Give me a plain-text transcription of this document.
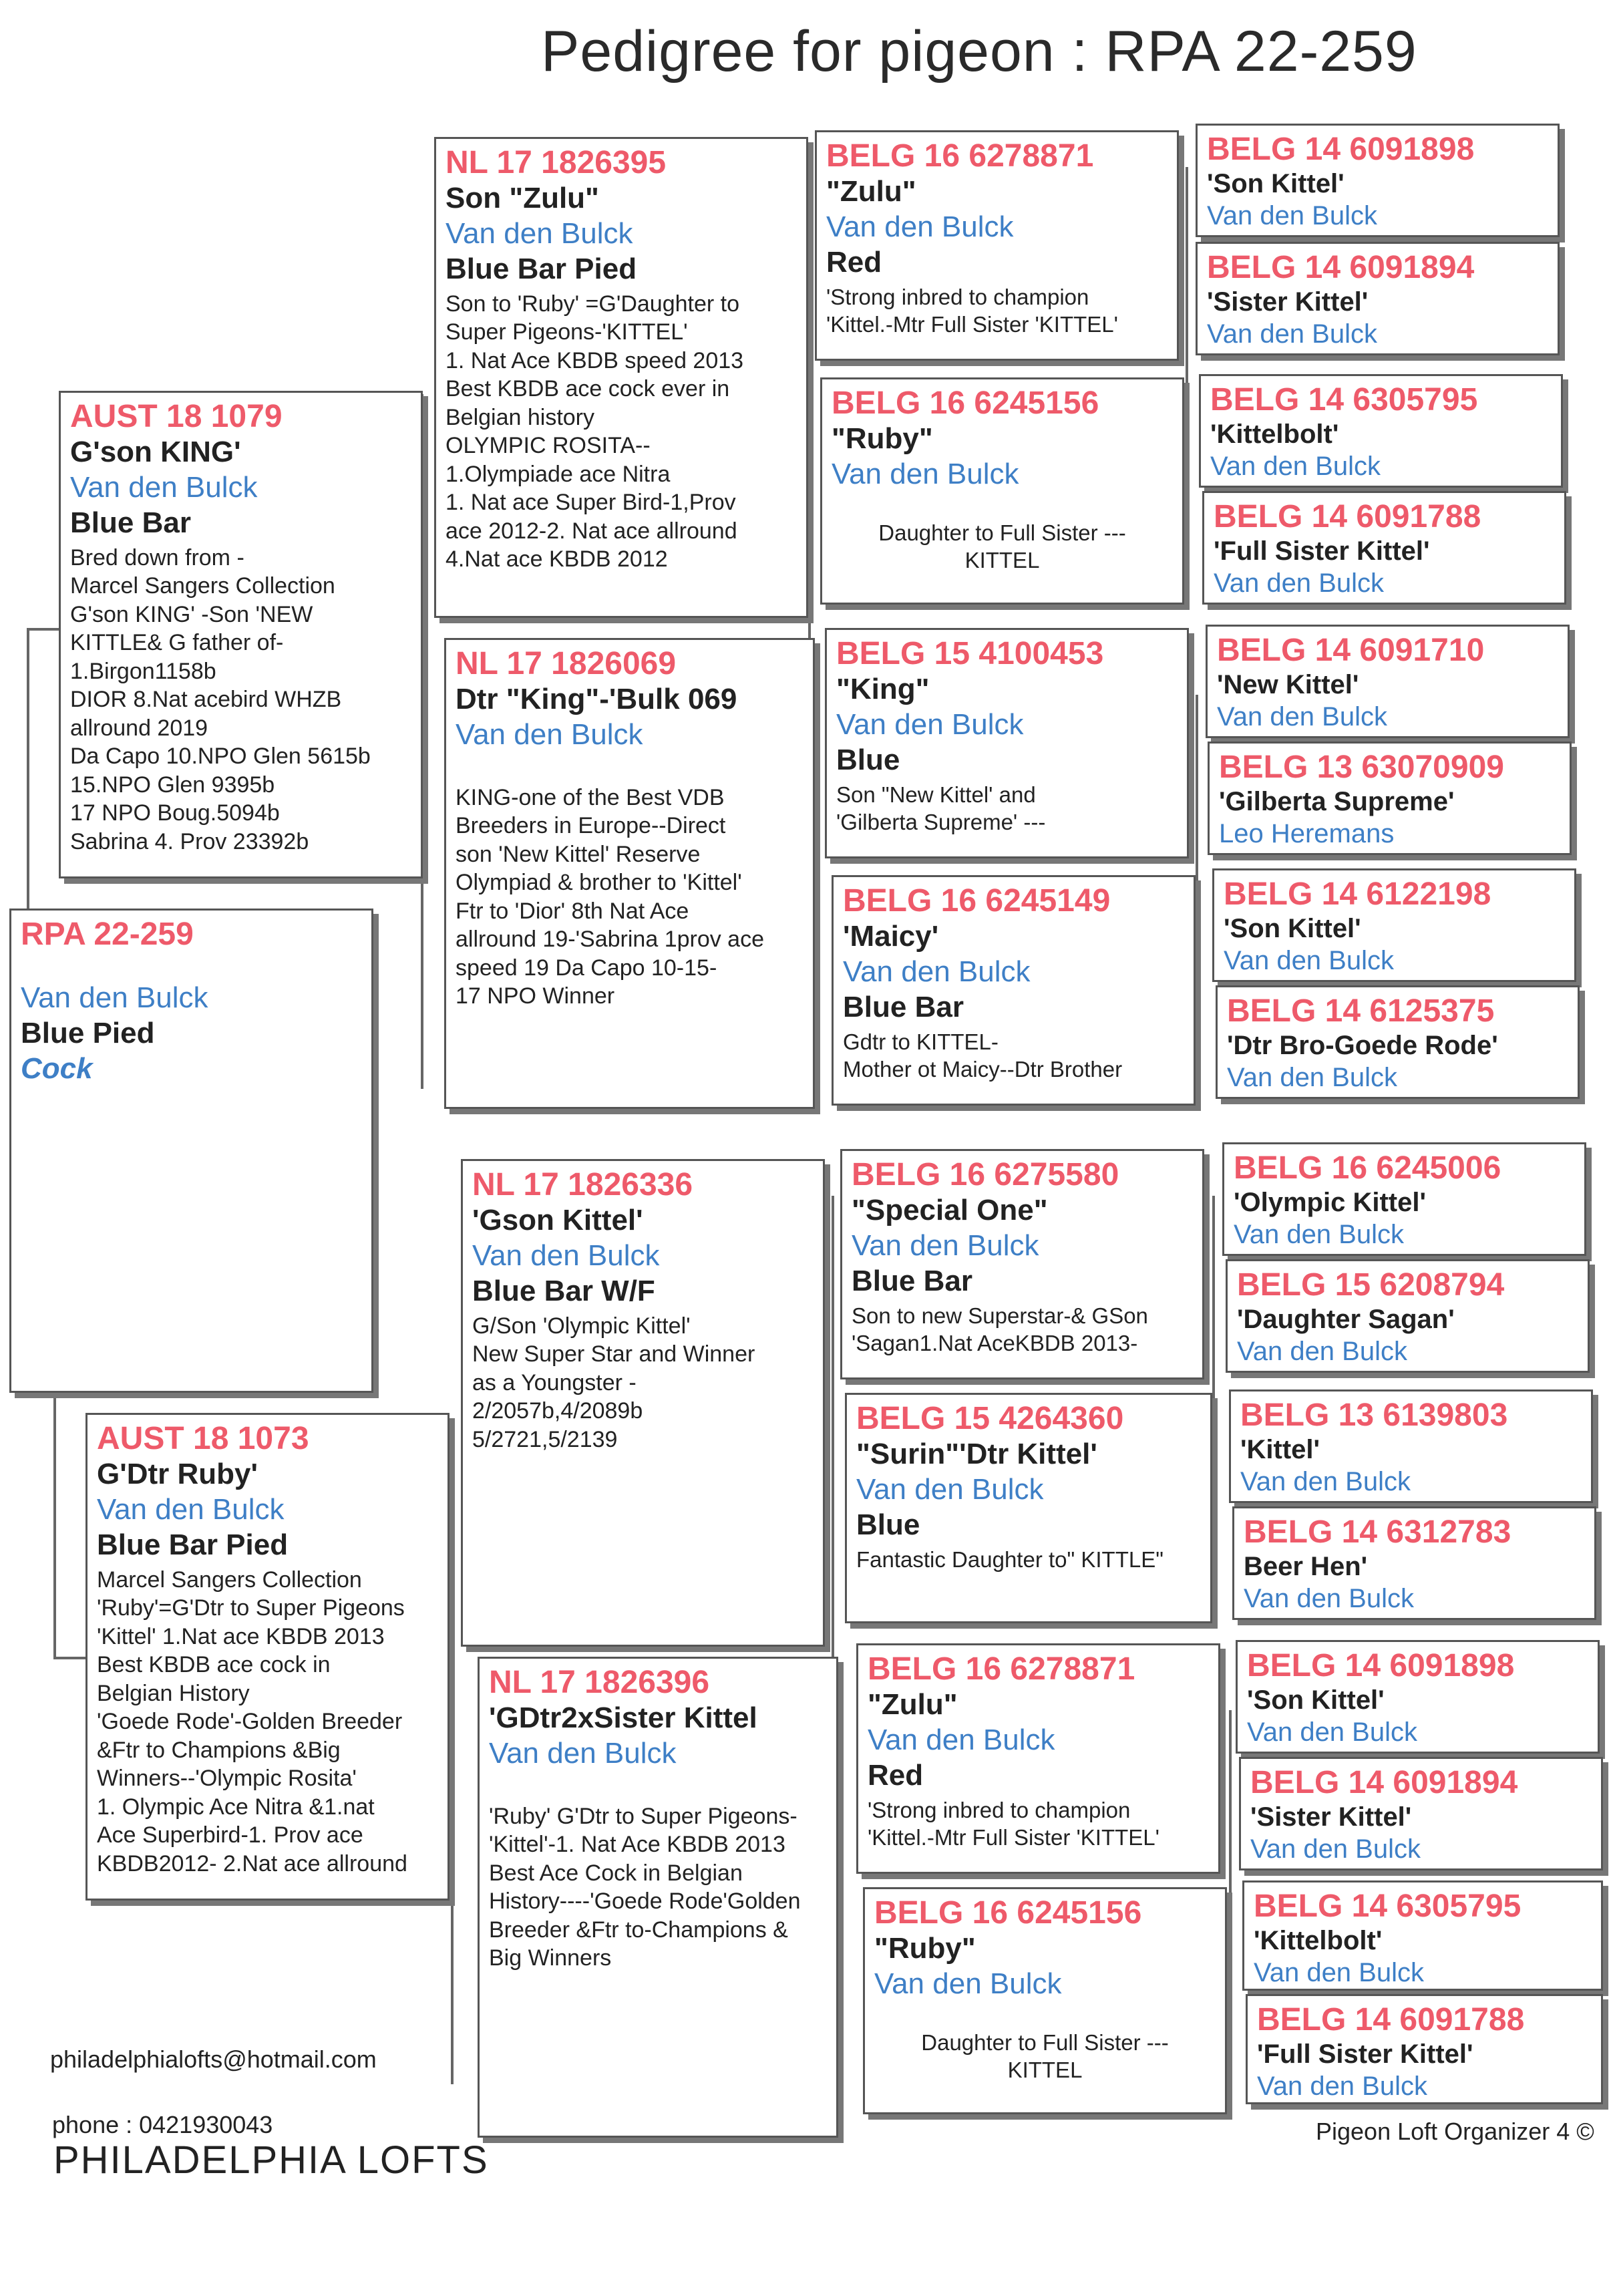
Pedigree for pigeon : RPA 22-259
RPA 22-259
Van den Bulck
Blue Pied
Cock
AUST 18 1079
G'son KING'
Van den Bulck
Blue Bar
Bred down from -
Marcel Sangers Collection
G'son KING' -Son 'NEW
KITTLE& G father of-
1.Birgon1158b
DIOR 8.Nat acebird WHZB
allround 2019
Da Capo 10.NPO Glen 5615b
15.NPO Glen 9395b
17 NPO Boug.5094b
Sabrina 4. Prov 23392b
AUST 18 1073
G'Dtr Ruby'
Van den Bulck
Blue Bar Pied
Marcel Sangers Collection
'Ruby'=G'Dtr to Super Pigeons
'Kittel' 1.Nat ace KBDB 2013
Best KBDB ace cock in
Belgian History
'Goede Rode'-Golden Breeder
&Ftr to Champions &Big
Winners--'Olympic Rosita'
1. Olympic Ace Nitra &1.nat
Ace Superbird-1. Prov ace
KBDB2012- 2.Nat ace allround
NL 17 1826395
Son "Zulu"
Van den Bulck
Blue Bar Pied
Son to 'Ruby' =G'Daughter to
Super Pigeons-'KITTEL'
1. Nat Ace KBDB speed 2013
Best KBDB ace cock ever in
Belgian history
OLYMPIC ROSITA--
1.Olympiade ace Nitra
1. Nat ace Super Bird-1,Prov
ace 2012-2. Nat ace allround
4.Nat ace KBDB 2012
NL 17 1826069
Dtr "King"-'Bulk 069
Van den Bulck
KING-one of the Best VDB
Breeders in Europe--Direct
son 'New Kittel' Reserve
Olympiad & brother to 'Kittel'
Ftr to 'Dior' 8th Nat Ace
allround 19-'Sabrina 1prov ace
speed 19 Da Capo 10-15-
17 NPO Winner
NL 17 1826336
'Gson Kittel'
Van den Bulck
Blue Bar W/F
G/Son 'Olympic Kittel'
New Super Star and Winner
as a Youngster -
2/2057b,4/2089b
5/2721,5/2139
NL 17 1826396
'GDtr2xSister Kittel
Van den Bulck
'Ruby' G'Dtr to Super Pigeons-
'Kittel'-1. Nat Ace KBDB 2013
Best Ace Cock in Belgian
History----'Goede Rode'Golden
Breeder &Ftr to-Champions &
Big Winners
BELG 16 6278871
"Zulu"
Van den Bulck
Red
'Strong inbred to champion
'Kittel.-Mtr Full Sister 'KITTEL'
BELG 16 6245156
"Ruby"
Van den Bulck
Daughter to Full Sister ---
KITTEL
BELG 15 4100453
"King"
Van den Bulck
Blue
Son "New Kittel' and
'Gilberta Supreme' ---
BELG 16 6245149
'Maicy'
Van den Bulck
Blue Bar
Gdtr to KITTEL-
Mother ot Maicy--Dtr Brother
BELG 16 6275580
"Special One"
Van den Bulck
Blue Bar
Son to new Superstar-& GSon
'Sagan1.Nat AceKBDB 2013-
BELG 15 4264360
"Surin"'Dtr Kittel'
Van den Bulck
Blue
Fantastic Daughter to" KITTLE"
BELG 16 6278871
"Zulu"
Van den Bulck
Red
'Strong inbred to champion
'Kittel.-Mtr Full Sister 'KITTEL'
BELG 16 6245156
"Ruby"
Van den Bulck
Daughter to Full Sister ---
KITTEL
BELG 14 6091898
'Son Kittel'
Van den Bulck
BELG 14 6091894
'Sister Kittel'
Van den Bulck
BELG 14 6305795
'Kittelbolt'
Van den Bulck
BELG 14 6091788
'Full Sister Kittel'
Van den Bulck
BELG 14 6091710
'New Kittel'
Van den Bulck
BELG 13 63070909
'Gilberta Supreme'
Leo Heremans
BELG 14 6122198
'Son Kittel'
Van den Bulck
BELG 14 6125375
'Dtr Bro-Goede Rode'
Van den Bulck
BELG 16 6245006
'Olympic Kittel'
Van den Bulck
BELG 15 6208794
'Daughter Sagan'
Van den Bulck
BELG 13 6139803
'Kittel'
Van den Bulck
BELG 14 6312783
Beer Hen'
Van den Bulck
BELG 14 6091898
'Son Kittel'
Van den Bulck
BELG 14 6091894
'Sister Kittel'
Van den Bulck
BELG 14 6305795
'Kittelbolt'
Van den Bulck
BELG 14 6091788
'Full Sister Kittel'
Van den Bulck
philadelphialofts@hotmail.com
phone : 0421930043
PHILADELPHIA LOFTS
Pigeon Loft Organizer 4 ©
